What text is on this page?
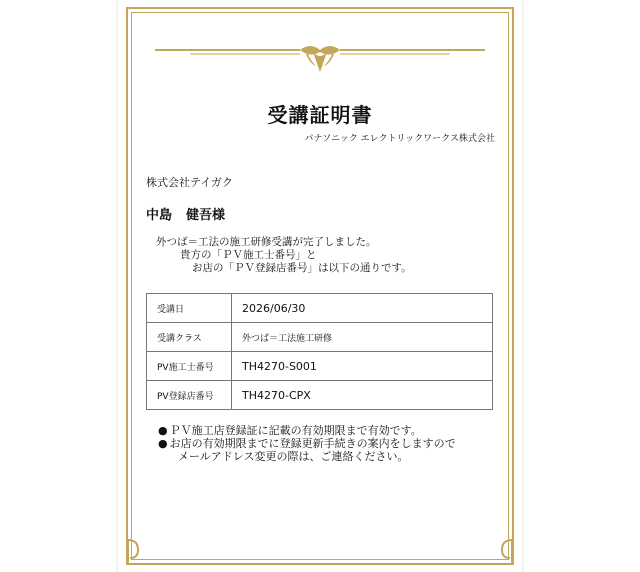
受講証明書
パナソニック エレクトリックワークス株式会社
株式会社テイガク
中島 健吾様
外つば＝工法の施工研修受講が完了しました。
貴方の「ＰＶ施工士番号」と
お店の「ＰＶ登録店番号」は以下の通りです。
受講日	2026/06/30
受講クラス	外つば＝工法施工研修
PV施工士番号	TH4270-S001
PV登録店番号	TH4270-CPX
● ＰＶ施工店登録証に記載の有効期限まで有効です。
● お店の有効期限までに登録更新手続きの案内をしますので
メールアドレス変更の際は、ご連絡ください。
